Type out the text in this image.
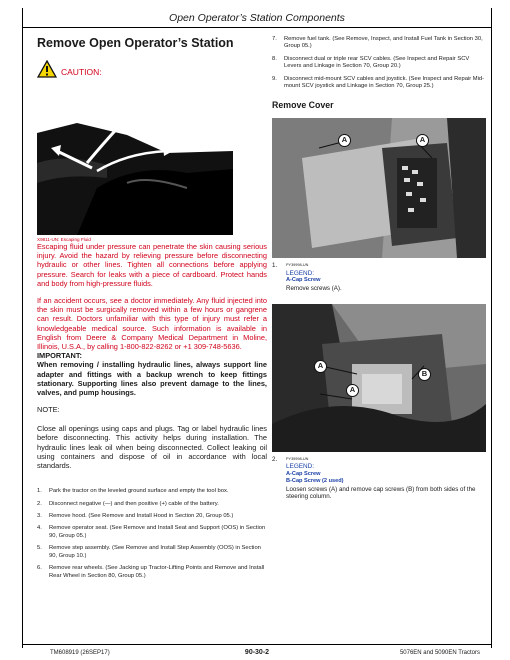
Open Operator’s Station Components
Remove Open Operator’s Station
CAUTION:
X9811-UN: Escaping Fluid

Escaping fluid under pressure can penetrate the skin causing serious injury. Avoid the hazard by relieving pressure before disconnecting hydraulic or other lines. Tighten all connections before applying pressure. Search for leaks with a piece of cardboard. Protect hands and body from high-pressure fluids.

If an accident occurs, see a doctor immediately. Any fluid injected into the skin must be surgically removed within a few hours or gangrene can result. Doctors unfamiliar with this type of injury must refer a knowledgeable medical source. Such information is available in English from Deere & Company Medical Department in Moline, Illinois, U.S.A., by calling 1-800-822-8262 or +1 309-748-5636.

IMPORTANT:

When removing / installing hydraulic lines, always support line adapter and fittings with a backup wrench to keep fittings stationary. Supporting lines also prevent damage to the lines, valves, and pump housings.

NOTE:

Close all openings using caps and plugs. Tag or label hydraulic lines before disconnecting. This activity helps during installation. The hydraulic lines leak oil when being disconnected. Collect leaking oil using containers and dispose of oil in accordance with local standards.

1.	Park the tractor on the leveled ground surface and empty the tool box.
2.	Disconnect negative (—) and then positive (+) cable of the battery.
3.	Remove hood. (See Remove and Install Hood in Section 20, Group 05.)
4.	Remove operator seat. (See Remove and Install Seat and Support (OOS) in Section 90, Group 05.)
5.	Remove step assembly. (See Remove and Install Step Assembly (OOS) in Section 90, Group 10.)
6.	Remove rear wheels. (See Jacking up Tractor-Lifting Points and Remove and Install Rear Wheel in Section 80, Group 05.)
7.	Remove fuel tank. (See Remove, Inspect, and Install Fuel Tank in Section 30, Group 05.)
8.	Disconnect dual or triple rear SCV cables. (See Inspect and Repair SCV Levers and Linkage in Section 70, Group 20.)
9.	Disconnect mid-mount SCV cables and joystick. (See Inspect and Repair Mid-mount SCV joystick and Linkage in Section 70, Group 25.)
Remove Cover
A	A
1.	PY39998-UN
LEGEND:
A-Cap Screw
Remove screws (A).
A
B
A
2.	PY39998-UN
LEGEND:
A-Cap Screw
B-Cap Screw (2 used)
Loosen screws (A) and remove cap screws (B) from both sides of the steering column.
TM608919 (26SEP17)	90-30-2	5076EN and 5090EN Tractors
